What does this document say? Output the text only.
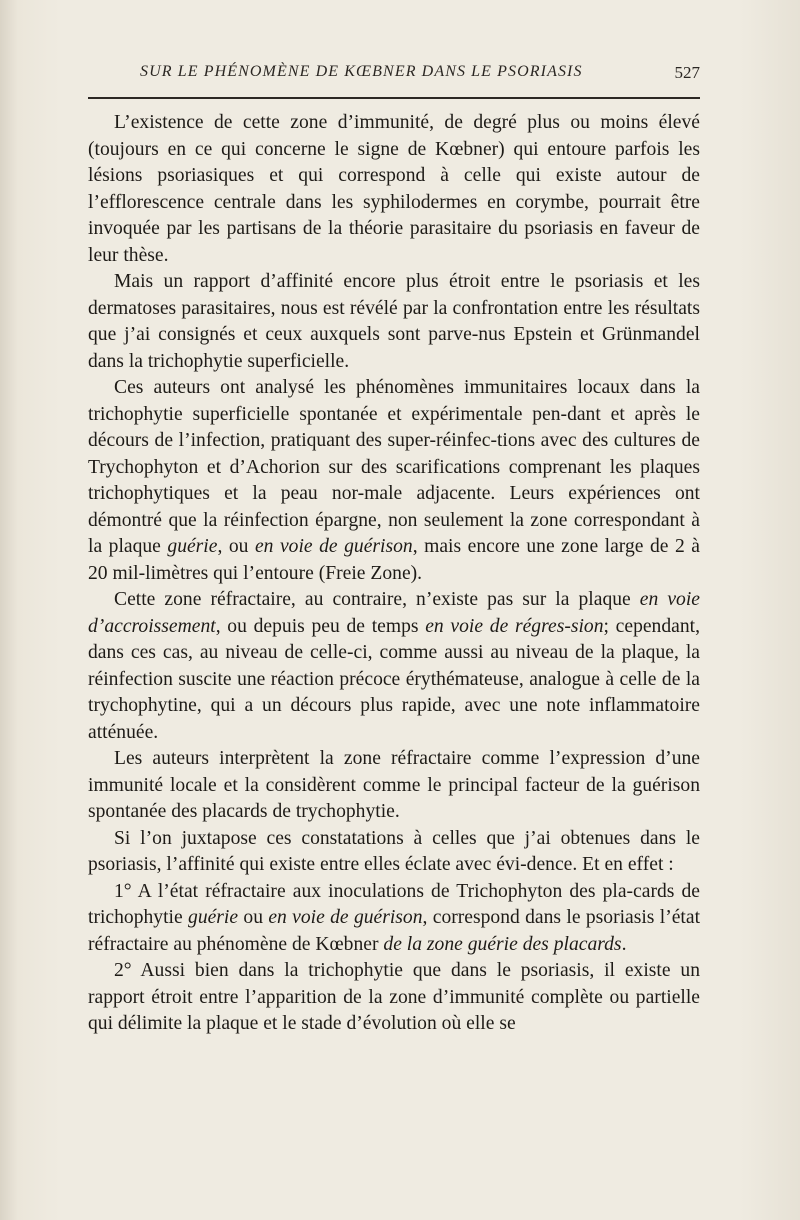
SUR LE PHÉNOMÈNE DE KŒBNER DANS LE PSORIASIS	527

L’existence de cette zone d’immunité, de degré plus ou moins élevé (toujours en ce qui concerne le signe de Kœbner) qui entoure parfois les lésions psoriasiques et qui correspond à celle qui existe autour de l’efflorescence centrale dans les syphilodermes en corymbe, pourrait être invoquée par les partisans de la théorie parasitaire du psoriasis en faveur de leur thèse.

Mais un rapport d’affinité encore plus étroit entre le psoriasis et les dermatoses parasitaires, nous est révélé par la confrontation entre les résultats que j’ai consignés et ceux auxquels sont parve-nus Epstein et Grünmandel dans la trichophytie superficielle.

Ces auteurs ont analysé les phénomènes immunitaires locaux dans la trichophytie superficielle spontanée et expérimentale pen-dant et après le décours de l’infection, pratiquant des super-réinfec-tions avec des cultures de Trychophyton et d’Achorion sur des scarifications comprenant les plaques trichophytiques et la peau nor-male adjacente. Leurs expériences ont démontré que la réinfection épargne, non seulement la zone correspondant à la plaque guérie, ou en voie de guérison, mais encore une zone large de 2 à 20 mil-limètres qui l’entoure (Freie Zone).

Cette zone réfractaire, au contraire, n’existe pas sur la plaque en voie d’accroissement, ou depuis peu de temps en voie de régres-sion; cependant, dans ces cas, au niveau de celle-ci, comme aussi au niveau de la plaque, la réinfection suscite une réaction précoce érythémateuse, analogue à celle de la trychophytine, qui a un décours plus rapide, avec une note inflammatoire atténuée.

Les auteurs interprètent la zone réfractaire comme l’expression d’une immunité locale et la considèrent comme le principal facteur de la guérison spontanée des placards de trychophytie.

Si l’on juxtapose ces constatations à celles que j’ai obtenues dans le psoriasis, l’affinité qui existe entre elles éclate avec évi-dence. Et en effet :

1° A l’état réfractaire aux inoculations de Trichophyton des pla-cards de trichophytie guérie ou en voie de guérison, correspond dans le psoriasis l’état réfractaire au phénomène de Kœbner de la zone guérie des placards.

2° Aussi bien dans la trichophytie que dans le psoriasis, il existe un rapport étroit entre l’apparition de la zone d’immunité complète ou partielle qui délimite la plaque et le stade d’évolution où elle se
